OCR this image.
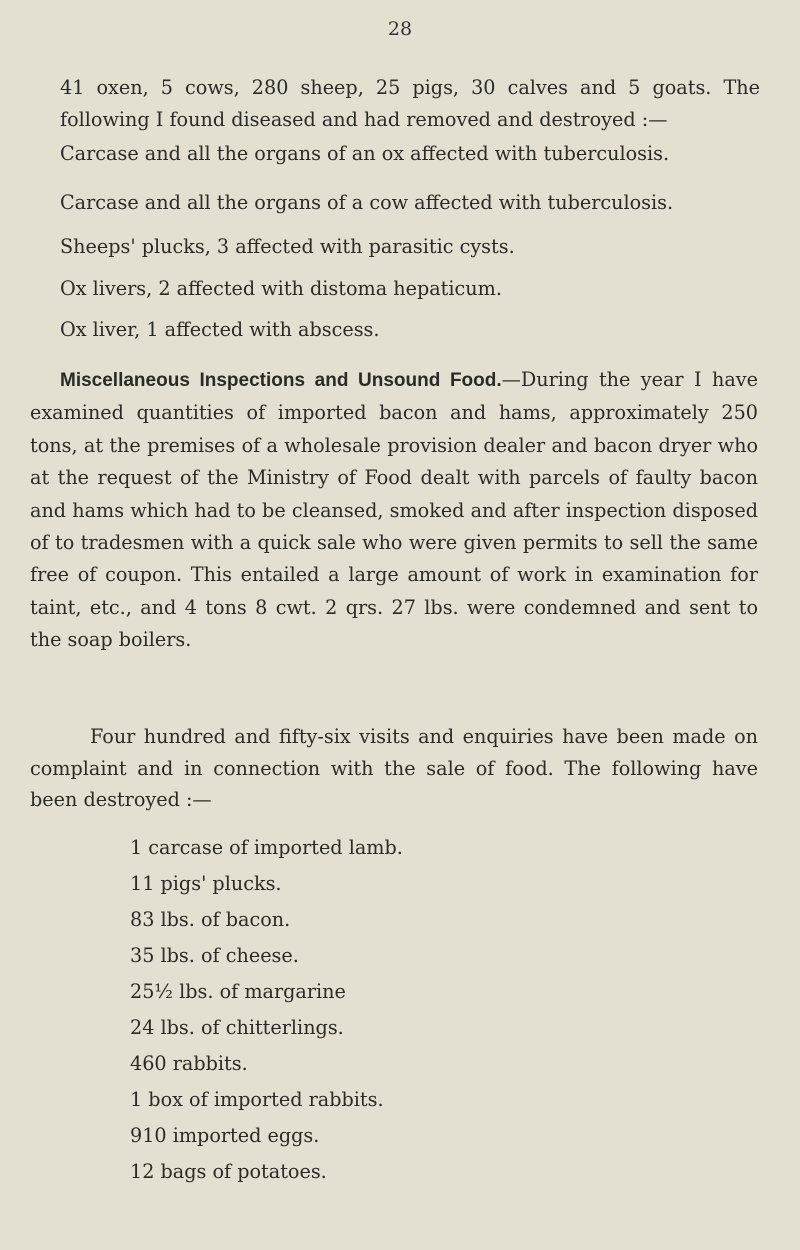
28
41 oxen, 5 cows, 280 sheep, 25 pigs, 30 calves and 5 goats. The
following I found diseased and had removed and destroyed :—
Carcase and all the organs of an ox affected with tuberculosis.
Carcase and all the organs of a cow affected with tuberculosis.
Sheeps' plucks, 3 affected with parasitic cysts.
Ox livers, 2 affected with distoma hepaticum.
Ox liver, 1 affected with abscess.
Miscellaneous Inspections and Unsound Food.—During the year I have examined quantities of imported bacon and hams, approximately 250 tons, at the premises of a wholesale provision dealer and bacon dryer who at the request of the Ministry of Food dealt with parcels of faulty bacon and hams which had to be cleansed, smoked and after inspection disposed of to tradesmen with a quick sale who were given permits to sell the same free of coupon. This entailed a large amount of work in examination for taint, etc., and 4 tons 8 cwt. 2 qrs. 27 lbs. were condemned and sent to the soap boilers.
Four hundred and fifty-six visits and enquiries have been made on complaint and in connection with the sale of food. The following have been destroyed :—
1 carcase of imported lamb.
11 pigs' plucks.
83 lbs. of bacon.
35 lbs. of cheese.
25½ lbs. of margarine
24 lbs. of chitterlings.
460 rabbits.
1 box of imported rabbits.
910 imported eggs.
12 bags of potatoes.
